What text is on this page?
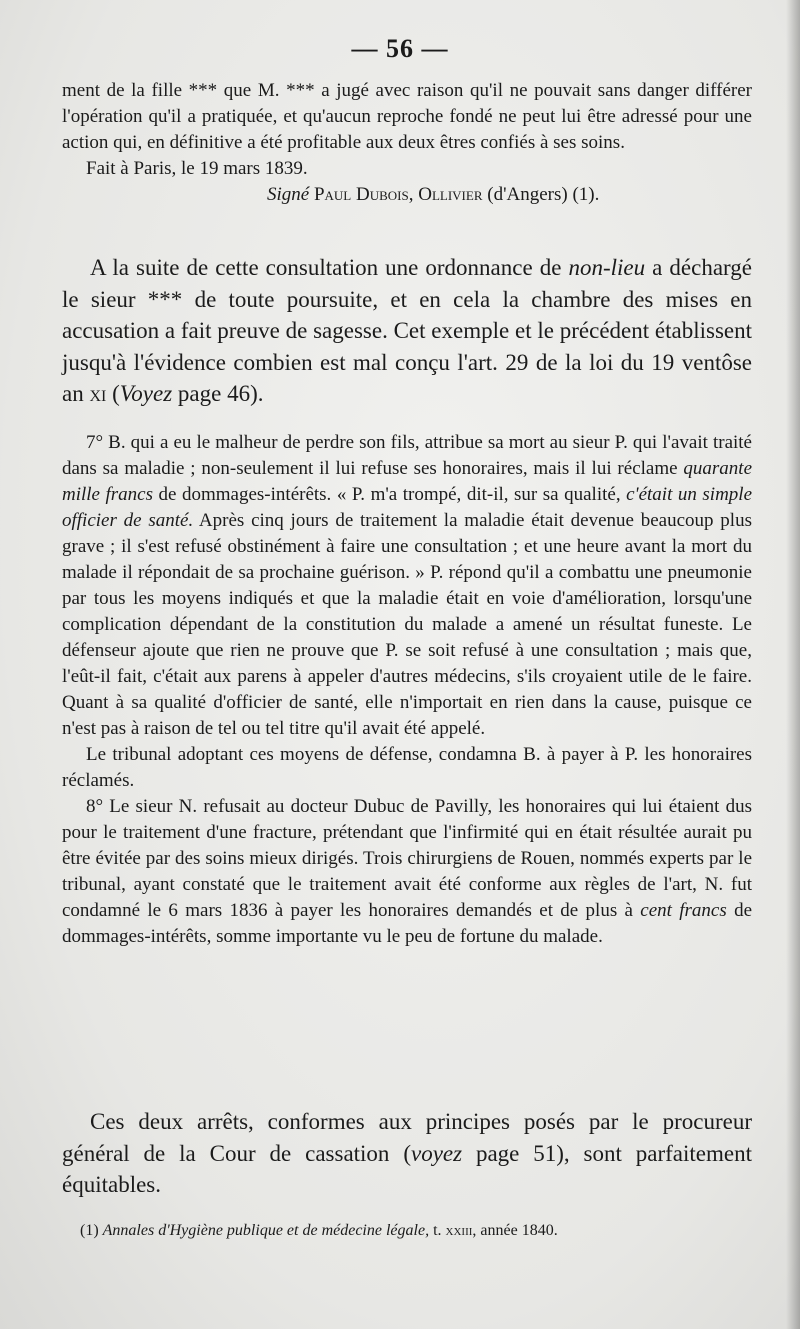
— 56 —

ment de la fille *** que M. *** a jugé avec raison qu'il ne pouvait sans danger différer l'opération qu'il a pratiquée, et qu'aucun reproche fondé ne peut lui être adressé pour une action qui, en définitive a été profitable aux deux êtres confiés à ses soins.

Fait à Paris, le 19 mars 1839.

Signé Paul Dubois, Ollivier (d'Angers) (1).

A la suite de cette consultation une ordonnance de non-lieu a déchargé le sieur *** de toute poursuite, et en cela la chambre des mises en accusation a fait preuve de sagesse. Cet exemple et le précédent établissent jusqu'à l'évidence combien est mal conçu l'art. 29 de la loi du 19 ventôse an xi (Voyez page 46).

7° B. qui a eu le malheur de perdre son fils, attribue sa mort au sieur P. qui l'avait traité dans sa maladie ; non-seulement il lui refuse ses honoraires, mais il lui réclame quarante mille francs de dommages-intérêts. « P. m'a trompé, dit-il, sur sa qualité, c'était un simple officier de santé. Après cinq jours de traitement la maladie était devenue beaucoup plus grave ; il s'est refusé obstinément à faire une consultation ; et une heure avant la mort du malade il répondait de sa prochaine guérison. » P. répond qu'il a combattu une pneumonie par tous les moyens indiqués et que la maladie était en voie d'amélioration, lorsqu'une complication dépendant de la constitution du malade a amené un résultat funeste. Le défenseur ajoute que rien ne prouve que P. se soit refusé à une consultation ; mais que, l'eût-il fait, c'était aux parens à appeler d'autres médecins, s'ils croyaient utile de le faire. Quant à sa qualité d'officier de santé, elle n'importait en rien dans la cause, puisque ce n'est pas à raison de tel ou tel titre qu'il avait été appelé.

Le tribunal adoptant ces moyens de défense, condamna B. à payer à P. les honoraires réclamés.

8° Le sieur N. refusait au docteur Dubuc de Pavilly, les honoraires qui lui étaient dus pour le traitement d'une fracture, prétendant que l'infirmité qui en était résultée aurait pu être évitée par des soins mieux dirigés. Trois chirurgiens de Rouen, nommés experts par le tribunal, ayant constaté que le traitement avait été conforme aux règles de l'art, N. fut condamné le 6 mars 1836 à payer les honoraires demandés et de plus à cent francs de dommages-intérêts, somme importante vu le peu de fortune du malade.

Ces deux arrêts, conformes aux principes posés par le procureur général de la Cour de cassation (voyez page 51), sont parfaitement équitables.

(1) Annales d'Hygiène publique et de médecine légale, t. xxiii, année 1840.
